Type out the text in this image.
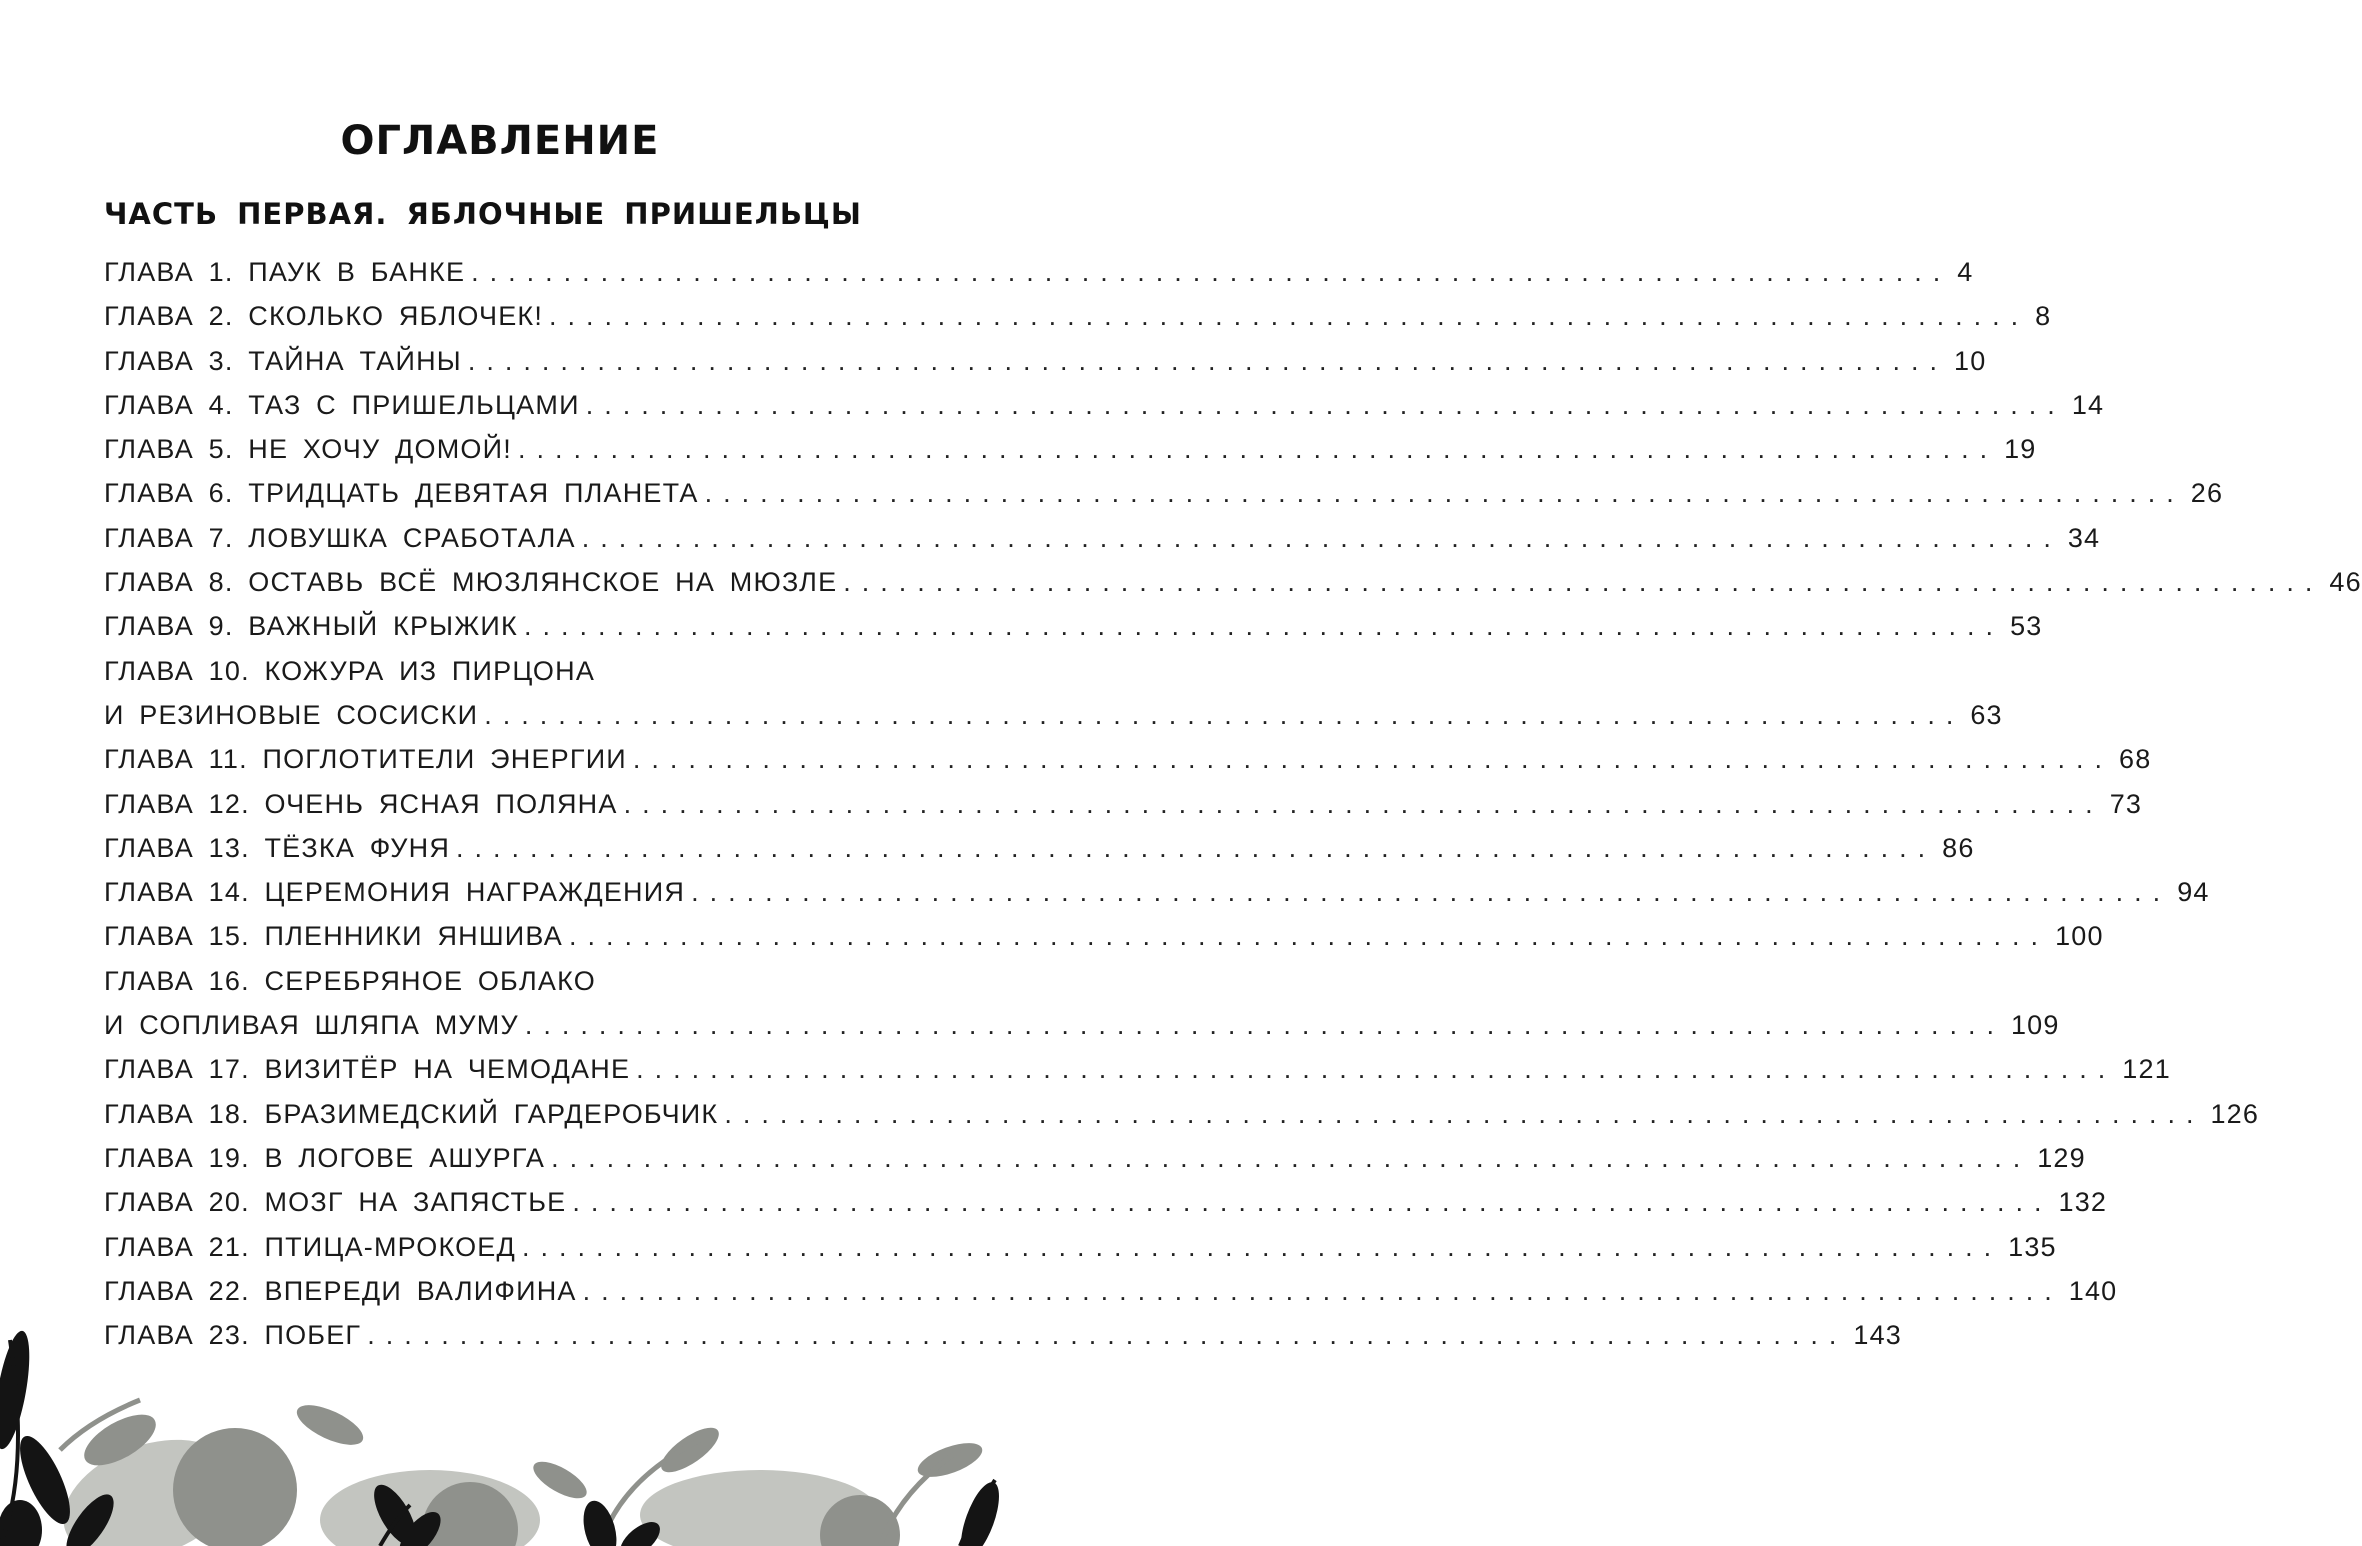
ОГЛАВЛЕНИЕ
ЧАСТЬ ПЕРВАЯ. ЯБЛОЧНЫЕ ПРИШЕЛЬЦЫ
ГЛАВА 1. ПАУК В БАНКЕ ................................................................................ 4
ГЛАВА 2. СКОЛЬКО ЯБЛОЧЕК! ................................................................................ 8
ГЛАВА 3. ТАЙНА ТАЙНЫ ................................................................................ 10
ГЛАВА 4. ТАЗ С ПРИШЕЛЬЦАМИ ................................................................................ 14
ГЛАВА 5. НЕ ХОЧУ ДОМОЙ! ................................................................................ 19
ГЛАВА 6. ТРИДЦАТЬ ДЕВЯТАЯ ПЛАНЕТА ................................................................................ 26
ГЛАВА 7. ЛОВУШКА СРАБОТАЛА ................................................................................ 34
ГЛАВА 8. ОСТАВЬ ВСЁ МЮЗЛЯНСКОЕ НА МЮЗЛЕ ................................................................................ 46
ГЛАВА 9. ВАЖНЫЙ КРЫЖИК ................................................................................ 53
ГЛАВА 10. КОЖУРА ИЗ ПИРЦОНА
И РЕЗИНОВЫЕ СОСИСКИ ................................................................................ 63
ГЛАВА 11. ПОГЛОТИТЕЛИ ЭНЕРГИИ ................................................................................ 68
ГЛАВА 12. ОЧЕНЬ ЯСНАЯ ПОЛЯНА ................................................................................ 73
ГЛАВА 13. ТЁЗКА ФУНЯ ................................................................................ 86
ГЛАВА 14. ЦЕРЕМОНИЯ НАГРАЖДЕНИЯ ................................................................................ 94
ГЛАВА 15. ПЛЕННИКИ ЯНШИВА ................................................................................ 100
ГЛАВА 16. СЕРЕБРЯНОЕ ОБЛАКО
И СОПЛИВАЯ ШЛЯПА МУМУ ................................................................................ 109
ГЛАВА 17. ВИЗИТЁР НА ЧЕМОДАНЕ ................................................................................ 121
ГЛАВА 18. БРАЗИМЕДСКИЙ ГАРДЕРОБЧИК ................................................................................ 126
ГЛАВА 19. В ЛОГОВЕ АШУРГА ................................................................................ 129
ГЛАВА 20. МОЗГ НА ЗАПЯСТЬЕ ................................................................................ 132
ГЛАВА 21. ПТИЦА-МРОКОЕД ................................................................................ 135
ГЛАВА 22. ВПЕРЕДИ ВАЛИФИНА ................................................................................ 140
ГЛАВА 23. ПОБЕГ ................................................................................ 143
